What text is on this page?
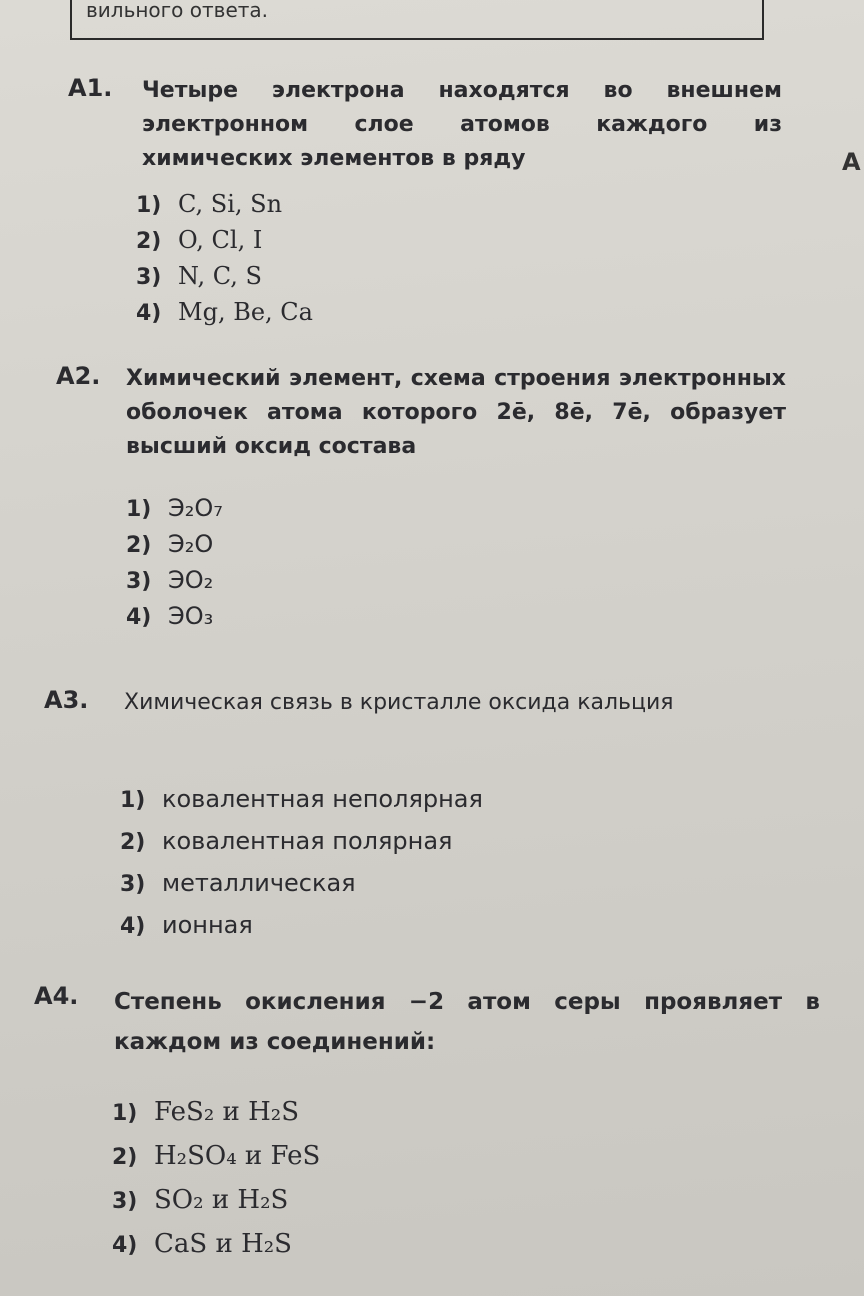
вильного ответа.
А
А1. Четыре электрона находятся во внешнем электронном слое атомов каждого из химических элементов в ряду
1) C, Si, Sn
2) O, Cl, I
3) N, C, S
4) Mg, Be, Ca
А2. Химический элемент, схема строения электронных оболочек атома которого 2ē, 8ē, 7ē, образует высший оксид состава
1) Э₂O₇
2) Э₂O
3) ЭO₂
4) ЭO₃
А3. Химическая связь в кристалле оксида кальция
1) ковалентная неполярная
2) ковалентная полярная
3) металлическая
4) ионная
А4. Степень окисления −2 атом серы проявляет в каждом из соединений:
1) FeS₂ и H₂S
2) H₂SO₄ и FeS
3) SO₂ и H₂S
4) CaS и H₂S
